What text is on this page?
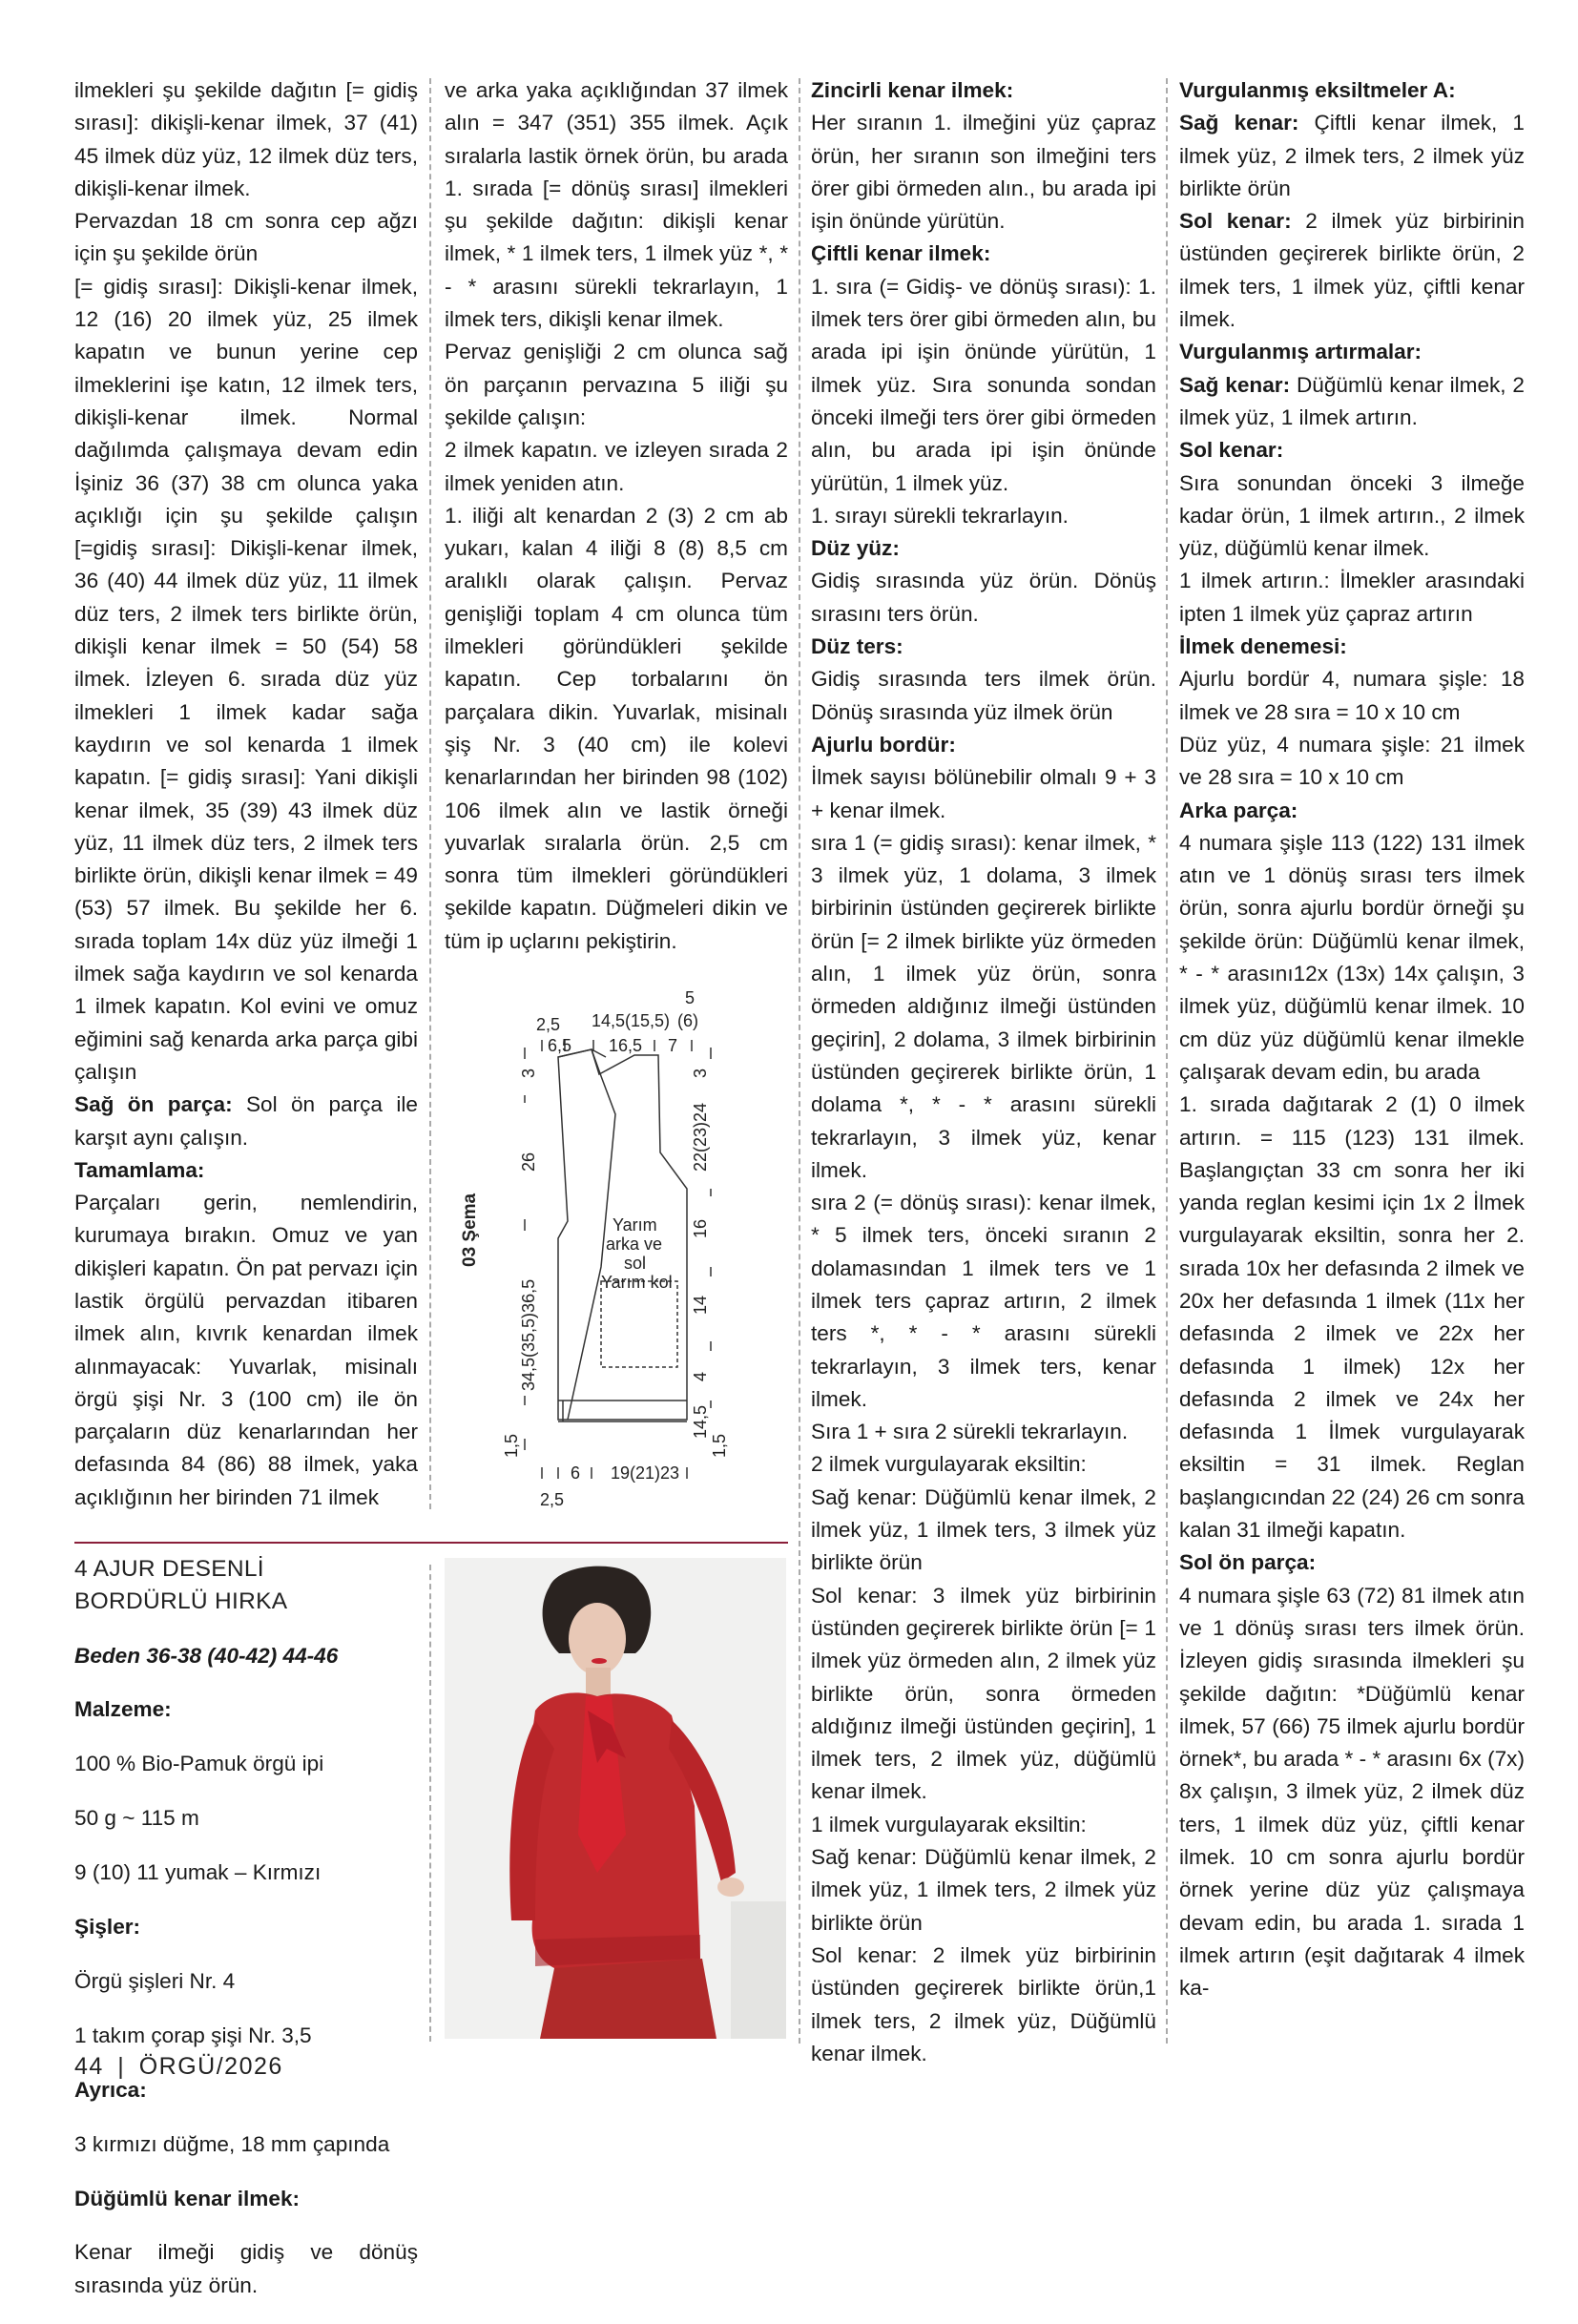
ilmekleri şu şekilde dağıtın [= gidiş sırası]: dikişli-kenar ilmek, 37 (41) 45 ilmek düz yüz, 12 ilmek düz ters, dikişli-kenar ilmek.

Pervazdan 18 cm sonra cep ağzı için şu şekilde örün

[= gidiş sırası]: Dikişli-kenar ilmek, 12 (16) 20 ilmek yüz, 25 ilmek kapatın ve bunun yerine cep ilmeklerini işe katın, 12 ilmek ters, dikişli-kenar ilmek. Normal dağılımda çalışmaya devam edin İşiniz 36 (37) 38 cm olunca yaka açıklığı için şu şekilde çalışın [=gidiş sırası]: Dikişli-kenar ilmek, 36 (40) 44 ilmek düz yüz, 11 ilmek düz ters, 2 ilmek ters birlikte örün, dikişli kenar ilmek = 50 (54) 58 ilmek. İzleyen 6. sırada düz yüz ilmekleri 1 ilmek kadar sağa kaydırın ve sol kenarda 1 ilmek kapatın. [= gidiş sırası]: Yani dikişli kenar ilmek, 35 (39) 43 ilmek düz yüz, 11 ilmek düz ters, 2 ilmek ters birlikte örün, dikişli kenar ilmek = 49 (53) 57 ilmek. Bu şekilde her 6. sırada toplam 14x düz yüz ilmeği 1 ilmek sağa kaydırın ve sol kenarda 1 ilmek kapatın. Kol evini ve omuz eğimini sağ kenarda arka parça gibi çalışın

Sağ ön parça: Sol ön parça ile karşıt aynı çalışın.

Tamamlama:

Parçaları gerin, nemlendirin, kurumaya bırakın. Omuz ve yan dikişleri kapatın. Ön pat pervazı için lastik örgülü pervazdan itibaren ilmek alın, kıvrık kenardan ilmek alınmayacak: Yuvarlak, misinalı örgü şişi Nr. 3 (100 cm) ile ön parçaların düz kenarlarından her defasında 84 (86) 88 ilmek, yaka açıklığının her birinden 71 ilmek

ve arka yaka açıklığından 37 ilmek alın = 347 (351) 355 ilmek. Açık sıralarla lastik örnek örün, bu arada 1. sırada [= dönüş sırası] ilmekleri şu şekilde dağıtın: dikişli kenar ilmek, * 1 ilmek ters, 1 ilmek yüz *, * - * arasını sürekli tekrarlayın, 1 ilmek ters, dikişli kenar ilmek.

Pervaz genişliği 2 cm olunca sağ ön parçanın pervazına 5 iliği şu şekilde çalışın:

2 ilmek kapatın. ve izleyen sırada 2 ilmek yeniden atın.

1. iliği alt kenardan 2 (3) 2 cm ab yukarı, kalan 4 iliği 8 (8) 8,5 cm aralıklı olarak çalışın. Pervaz genişliği toplam 4 cm olunca tüm ilmekleri göründükleri şekilde kapatın. Cep torbalarını ön parçalara dikin. Yuvarlak, misinalı şiş Nr. 3 (40 cm) ile kolevi kenarlarından her birinden 98 (102) 106 ilmek alın ve lastik örneği yuvarlak sıralarla örün. 2,5 cm sonra tüm ilmekleri göründükleri şekilde kapatın. Düğmeleri dikin ve tüm ip uçlarını pekiştirin.

Zincirli kenar ilmek:

Her sıranın 1. ilmeğini yüz çapraz örün, her sıranın son ilmeğini ters örer gibi örmeden alın., bu arada ipi işin önünde yürütün.

Çiftli kenar ilmek:

1. sıra (= Gidiş- ve dönüş sırası): 1. ilmek ters örer gibi örmeden alın, bu arada ipi işin önünde yürütün, 1 ilmek yüz. Sıra sonunda sondan önceki ilmeği ters örer gibi örmeden alın, bu arada ipi işin önünde yürütün, 1 ilmek yüz.

1. sırayı sürekli tekrarlayın.

Düz yüz:

Gidiş sırasında yüz örün. Dönüş sırasını ters örün.

Düz ters:

Gidiş sırasında ters ilmek örün. Dönüş sırasında yüz ilmek örün

Ajurlu bordür:

İlmek sayısı bölünebilir olmalı 9 + 3 + kenar ilmek.

sıra 1 (= gidiş sırası): kenar ilmek, * 3 ilmek yüz, 1 dolama, 3 ilmek birbirinin üstünden geçirerek birlikte örün [= 2 ilmek birlikte yüz örmeden alın, 1 ilmek yüz örün, sonra örmeden aldığınız ilmeği üstünden geçirin], 2 dolama, 3 ilmek birbirinin üstünden geçirerek birlikte örün, 1 dolama *, * - * arasını sürekli tekrarlayın, 3 ilmek yüz, kenar ilmek.

sıra 2 (= dönüş sırası): kenar ilmek, * 5 ilmek ters, önceki sıranın 2 dolamasından 1 ilmek ters ve 1 ilmek ters çapraz artırın, 2 ilmek ters *, * - * arasını sürekli tekrarlayın, 3 ilmek ters, kenar ilmek.

Sıra 1 + sıra 2 sürekli tekrarlayın.

2 ilmek vurgulayarak eksiltin:

Sağ kenar: Düğümlü kenar ilmek, 2 ilmek yüz, 1 ilmek ters, 3 ilmek yüz birlikte örün

Sol kenar: 3 ilmek yüz birbirinin üstünden geçirerek birlikte örün [= 1 ilmek yüz örmeden alın, 2 ilmek yüz birlikte örün, sonra örmeden aldığınız ilmeği üstünden geçirin], 1 ilmek ters, 2 ilmek yüz, düğümlü kenar ilmek.

1 ilmek vurgulayarak eksiltin:

Sağ kenar: Düğümlü kenar ilmek, 2 ilmek yüz, 1 ilmek ters, 2 ilmek yüz birlikte örün

Sol kenar: 2 ilmek yüz birbirinin üstünden geçirerek birlikte örün,1 ilmek ters, 2 ilmek yüz, Düğümlü kenar ilmek.

Vurgulanmış eksiltmeler A:

Sağ kenar: Çiftli kenar ilmek, 1 ilmek yüz, 2 ilmek ters, 2 ilmek yüz birlikte örün

Sol kenar: 2 ilmek yüz birbirinin üstünden geçirerek birlikte örün, 2 ilmek ters, 1 ilmek yüz, çiftli kenar ilmek.

Vurgulanmış artırmalar:

Sağ kenar: Düğümlü kenar ilmek, 2 ilmek yüz, 1 ilmek artırın.

Sol kenar:

Sıra sonundan önceki 3 ilmeğe kadar örün, 1 ilmek artırın., 2 ilmek yüz, düğümlü kenar ilmek.

1 ilmek artırın.: İlmekler arasındaki ipten 1 ilmek yüz çapraz artırın

İlmek denemesi:

Ajurlu bordür 4, numara şişle: 18 ilmek ve 28 sıra = 10 x 10 cm

Düz yüz, 4 numara şişle: 21 ilmek ve 28 sıra = 10 x 10 cm

Arka parça:

4 numara şişle 113 (122) 131 ilmek atın ve 1 dönüş sırası ters ilmek örün, sonra ajurlu bordür örneği şu şekilde örün: Düğümlü kenar ilmek, * - * arasını12x (13x) 14x çalışın, 3 ilmek yüz, düğümlü kenar ilmek. 10 cm düz yüz düğümlü kenar ilmekle çalışarak devam edin, bu arada

1. sırada dağıtarak 2 (1) 0 ilmek artırın. = 115 (123) 131 ilmek. Başlangıçtan 33 cm sonra her iki yanda reglan kesimi için 1x 2 İlmek vurgulayarak eksiltin, sonra her 2. sırada 10x her defasında 2 ilmek ve 20x her defasında 1 ilmek (11x her defasında 2 ilmek ve 22x her defasında 1 ilmek) 12x her defasında 2 ilmek ve 24x her defasında 1 İlmek vurgulayarak eksiltin = 31 ilmek. Reglan başlangıcından 22 (24) 26 cm sonra kalan 31 ilmeği kapatın.

Sol ön parça:

4 numara şişle 63 (72) 81 ilmek atın ve 1 dönüş sırası ters ilmek örün. İzleyen gidiş sırasında ilmekleri şu şekilde dağıtın: *Düğümlü kenar ilmek, 57 (66) 75 ilmek ajurlu bordür örnek*, bu arada * - * arasını 6x (7x) 8x çalışın, 3 ilmek yüz, 2 ilmek düz ters, 1 ilmek düz yüz, çiftli kenar ilmek. 10 cm sonra ajurlu bordür örnek yerine düz yüz çalışmaya devam edin, bu arada 1. sırada 1 ilmek artırın (eşit dağıtarak 4 ilmek ka-

2,5 14,5(15,5)
5
(6)
6,5 16,5 7
03 Şema
3
26
34,5(35,5)36,5
1,5
3
22(23)24
16
14
4
14,5
1,5
Yarım
arka ve
sol
Yarım kol
6 19(21)23
2,5
4 AJUR DESENLİ
BORDÜRLÜ HIRKA

Beden 36-38 (40-42) 44-46

Malzeme:

100 % Bio-Pamuk örgü ipi

50 g ~ 115 m

9 (10) 11 yumak – Kırmızı

Şişler:

Örgü şişleri Nr. 4

1 takım çorap şişi Nr. 3,5

Ayrıca:

3 kırmızı düğme, 18 mm çapında

Düğümlü kenar ilmek:

Kenar ilmeği gidiş ve dönüş sırasında yüz örün.

44 | ÖRGÜ/2026
